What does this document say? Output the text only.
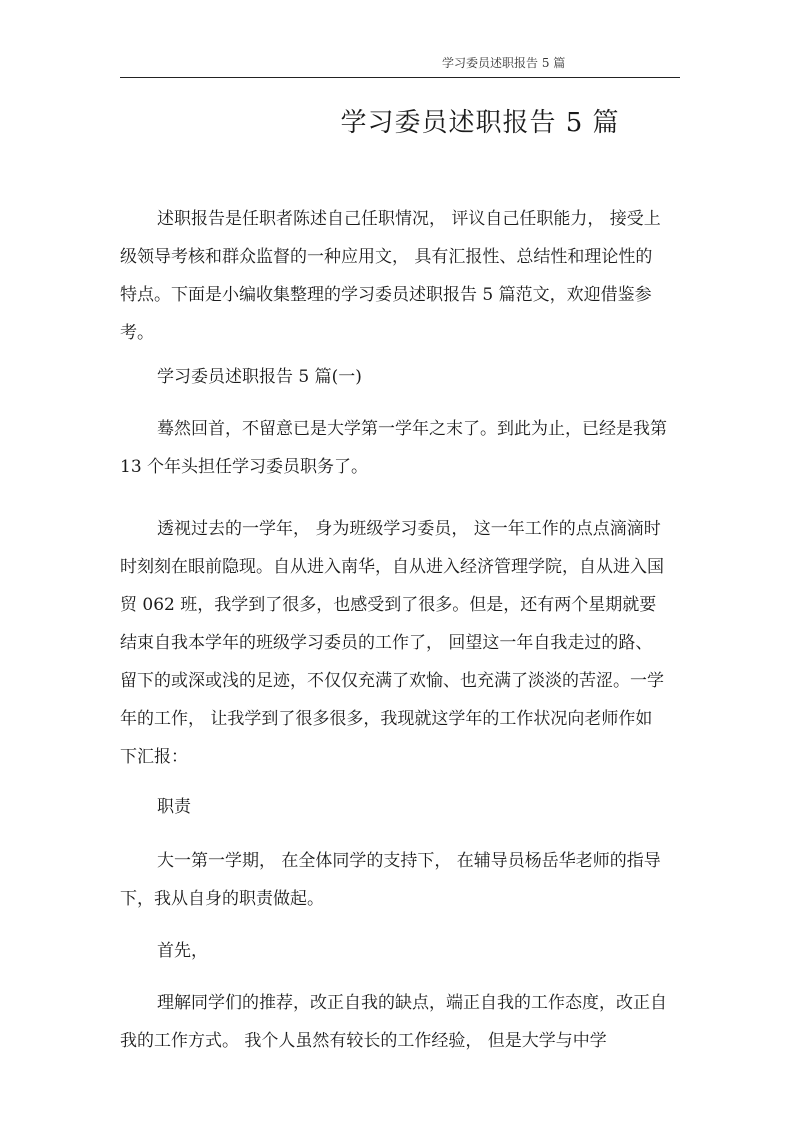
学习委员述职报告 5 篇
学习委员述职报告 5 篇

述职报告是任职者陈述自己任职情况， 评议自己任职能力， 接受上级领导考核和群众监督的一种应用文， 具有汇报性、总结性和理论性的特点。下面是小编收集整理的学习委员述职报告 5 篇范文，欢迎借鉴参考。

学习委员述职报告 5 篇(一)

蓦然回首，不留意已是大学第一学年之末了。到此为止，已经是我第 13 个年头担任学习委员职务了。

透视过去的一学年， 身为班级学习委员， 这一年工作的点点滴滴时时刻刻在眼前隐现。自从进入南华，自从进入经济管理学院，自从进入国贸 062 班，我学到了很多，也感受到了很多。但是，还有两个星期就要结束自我本学年的班级学习委员的工作了， 回望这一年自我走过的路、留下的或深或浅的足迹，不仅仅充满了欢愉、也充满了淡淡的苦涩。一学年的工作， 让我学到了很多很多，我现就这学年的工作状况向老师作如下汇报：

职责

大一第一学期， 在全体同学的支持下， 在辅导员杨岳华老师的指导下，我从自身的职责做起。

首先，

理解同学们的推荐，改正自我的缺点，端正自我的工作态度，改正自我的工作方式。 我个人虽然有较长的工作经验， 但是大学与中学
